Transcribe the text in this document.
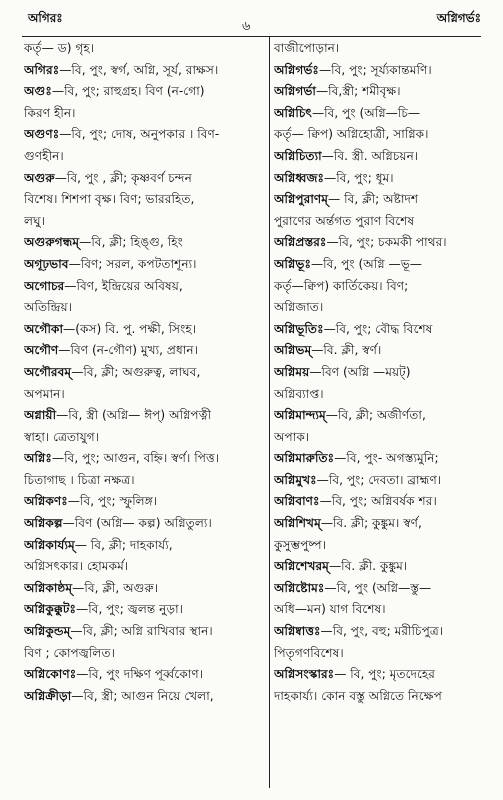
অগিরঃ
৬
অগ্নিগর্ভঃ
কর্তৃ— ড) গৃহ।
অগিরঃ—বি, পুং, স্বর্গ, অগ্নি, সূর্য, রাক্ষস।
অগুঃ—বি, পুং; রাহুগ্রহ। বিণ (ন-গো)
কিরণ হীন।
অগুণঃ—বি, পুং; দোষ, অনুপকার । বিণ-
গুণহীন।
অগুরু—বি, পুং , ক্লী; কৃষ্ণবর্ণ চন্দন
বিশেষ। শিশপা বৃক্ষ। বিণ; ভাররহিত,
লঘু।
অগুরুগন্ধম্—বি, ক্লী; হিঙ্গু, হিং
অগূঢ়ভাব—বিণ; সরল, কপটতাশূন্য।
অগোচর—বিণ, ইন্দ্রিয়ের অবিষয়,
অতিন্দ্রিয়।
অগৌকা—(কস) বি. পু. পক্ষী, সিংহ।
অগৌণ—বিণ (ন-গৌণ) মুখ্য, প্রধান।
অগৌরবম্—বি, ক্লী; অগুরুত্ব, লাঘব,
অপমান।
অগ্নায়ী—বি, স্ত্রী (অগ্নি— ঈপ্) অগ্নিপত্নী
স্বাহা। ত্রেতাযুগ।
অগ্নিঃ—বি, পুং; আগুন, বহ্নি। স্বর্ণ। পিত্ত।
চিতাগাছ । চিত্রা নক্ষত্র।
অগ্নিকণঃ—বি, পুং; স্ফুলিঙ্গ।
অগ্নিকল্প—বিণ (অগ্নি— কল্প) অগ্নিতুল্য।
অগ্নিকার্য্যম্— বি, ক্লী; দাহকার্য্য,
অগ্নিসৎকার। হোমকর্ম।
অগ্নিকাষ্ঠম্—বি, ক্লী, অগুরু।
অগ্নিকুক্কুটঃ—বি, পুং; জ্বলন্ত নুড়া।
অগ্নিকুন্ডম্—বি, ক্লী; অগ্নি রাখিবার স্থান।
বিণ ; কোপজ্বলিত।
অগ্নিকোণঃ—বি, পুং দক্ষিণ পূর্ব্বকোণ।
অগ্নিক্রীড়া—বি, স্ত্রী; আগুন নিয়ে খেলা,
বাজীপোড়ান।
অগ্নিগর্ভঃ—বি, পুং; সূর্য্যকান্তমণি।
অগ্নিগর্ভা—বি,স্ত্রী; শমীবৃক্ষ।
অগ্নিচিৎ—বি, পুং (অগ্নি—চি—
কর্তৃ— ক্বিপ) অগ্নিহোত্রী, সাগ্নিক।
অগ্নিচিত্যা—বি. স্ত্রী. অগ্নিচয়ন।
অগ্নিধ্বজঃ—বি, পুং; ধূম।
অগ্নিপুরাণম্— বি, ক্লী; অষ্টাদশ
পুরাণের অর্ন্তগত পুরাণ বিশেষ
অগ্নিপ্রস্তরঃ—বি, পুং; চকমকী পাথর।
অগ্নিভূঃ—বি, পুং (অগ্নি —ভূ—
কর্তৃ—ক্বিপ) কার্তিকেয়। বিণ;
অগ্নিজাত।
অগ্নিভূতিঃ—বি, পুং; বৌদ্ধ বিশেষ
অগ্নিভম্—বি. ক্লী, স্বর্ণ।
অগ্নিময়—বিণ (অগ্নি —ময়ট্)
অগ্নিব্যাপ্ত।
অগ্নিমান্দ্যম্—বি, ক্লী; অজীর্ণতা,
অপাক।
অগ্নিমারুতিঃ—বি, পুং- অগস্ত্যমুনি;
অগ্নিমুখঃ—বি, পুং; দেবতা। ব্রাহ্মণ।
অগ্নিবাণঃ—বি, পুং; অগ্নিবর্ষক শর।
অগ্নিশিখম্—বি. ক্লী; কুঙ্কুম। স্বর্ণ,
কুসুম্ভপুষ্প।
অগ্নিশেখরম্—বি. ক্লী. কুঙ্কুম।
অগ্নিষ্টোমঃ—বি, পুং (অগ্নি—স্তু—
অধি—মন) যাগ বিশেষ।
অগ্নিষ্বাত্তঃ—বি, পুং, বহু; মরীচিপুত্র।
পিতৃগণবিশেষ।
অগ্নিসংস্কারঃ— বি, পুং; মৃতদেহের
দাহকার্য্য। কোন বস্তু অগ্নিতে নিক্ষেপ
